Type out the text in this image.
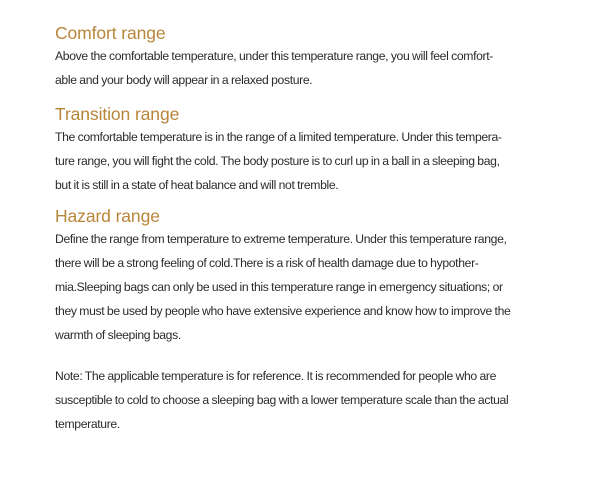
Comfort range

Above the comfortable temperature, under this temperature range, you will feel comfort-
able and your body will appear in a relaxed posture.

Transition range

The comfortable temperature is in the range of a limited temperature. Under this tempera-
ture range, you will fight the cold. The body posture is to curl up in a ball in a sleeping bag,
but it is still in a state of heat balance and will not tremble.

Hazard range

Define the range from temperature to extreme temperature. Under this temperature range,
there will be a strong feeling of cold.There is a risk of health damage due to hypother-
mia.Sleeping bags can only be used in this temperature range in emergency situations; or
they must be used by people who have extensive experience and know how to improve the
warmth of sleeping bags.

Note: The applicable temperature is for reference. It is recommended for people who are
susceptible to cold to choose a sleeping bag with a lower temperature scale than the actual
temperature.
